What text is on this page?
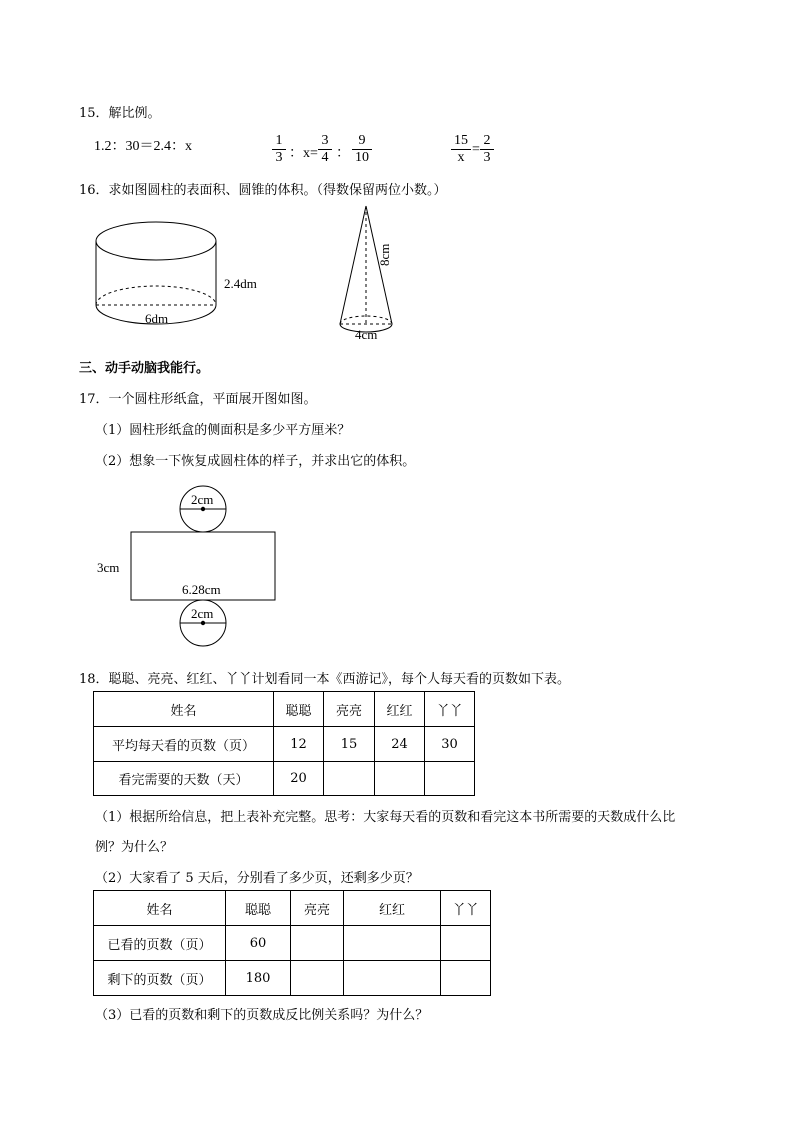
15．解比例。
1.2：30＝2.4：x	$\frac{1}{3}$ ：$x= \frac{3}{4}$ ： $\frac{9}{10}$	$\frac{15}{x} = \frac{2}{3}$
16．求如图圆柱的表面积、圆锥的体积。（得数保留两位小数。）
2.4dm
6dm
8cm
4cm
三、动手动脑我能行。
17．一个圆柱形纸盒，平面展开图如图。
（1）圆柱形纸盒的侧面积是多少平方厘米？
（2）想象一下恢复成圆柱体的样子，并求出它的体积。
2cm
3cm
6.28cm
2cm
18．聪聪、亮亮、红红、丫丫计划看同一本《西游记》，每个人每天看的页数如下表。
姓名	聪聪	亮亮	红红	丫丫
平均每天看的页数（页）	12	15	24	30
看完需要的天数（天）	20			
（1）根据所给信息，把上表补充完整。思考：大家每天看的页数和看完这本书所需要的天数成什么比
例？为什么？
（2）大家看了 5 天后，分别看了多少页，还剩多少页？
姓名	聪聪	亮亮	红红	丫丫
已看的页数（页）	60			
剩下的页数（页）	180			
（3）已看的页数和剩下的页数成反比例关系吗？为什么？
